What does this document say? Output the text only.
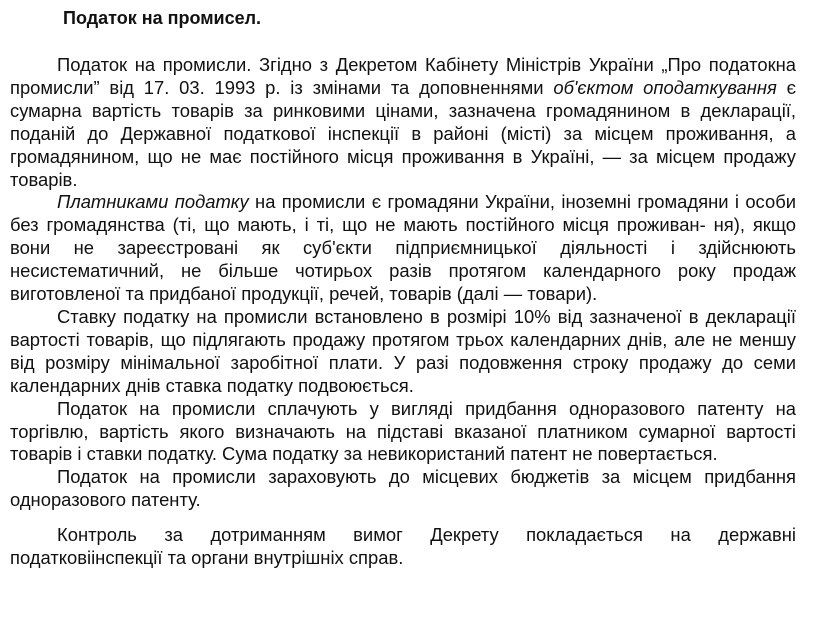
Податок на промисел.

Податок на промисли. Згідно з Декретом Кабінету Міністрів України „Про податокна промисли” від 17. 03. 1993 р. із змінами та доповненнями об'єктом оподаткування є сумарна вартість товарів за ринковими цінами, зазначена громадянином в декларації, поданій до Державної податкової інспекції в районі (місті) за місцем проживання, а громадянином, що не має постійного місця проживання в Україні, — за місцем продажу товарів.

Платниками податку на промисли є громадяни України, іноземні громадяни і особи без громадянства (ті, що мають, і ті, що не мають постійного місця проживан- ня), якщо вони не зареєстровані як суб'єкти підприємницької діяльності і здійснюють несистематичний, не більше чотирьох разів протягом календарного року продаж виготовленої та придбаної продукції, речей, товарів (далі — товари).

Ставку податку на промисли встановлено в розмірі 10% від зазначеної в декларації вартості товарів, що підлягають продажу протягом трьох календарних днів, але не меншу від розміру мінімальної заробітної плати. У разі подовження строку продажу до семи календарних днів ставка податку подвоюється.

Податок на промисли сплачують у вигляді придбання одноразового патенту на торгівлю, вартість якого визначають на підставі вказаної платником сумарної вартості товарів і ставки податку. Сума податку за невикористаний патент не повертається.

Податок на промисли зараховують до місцевих бюджетів за місцем придбання одноразового патенту.

Контроль за дотриманням вимог Декрету покладається на державні податковіінспекції та органи внутрішніх справ.
